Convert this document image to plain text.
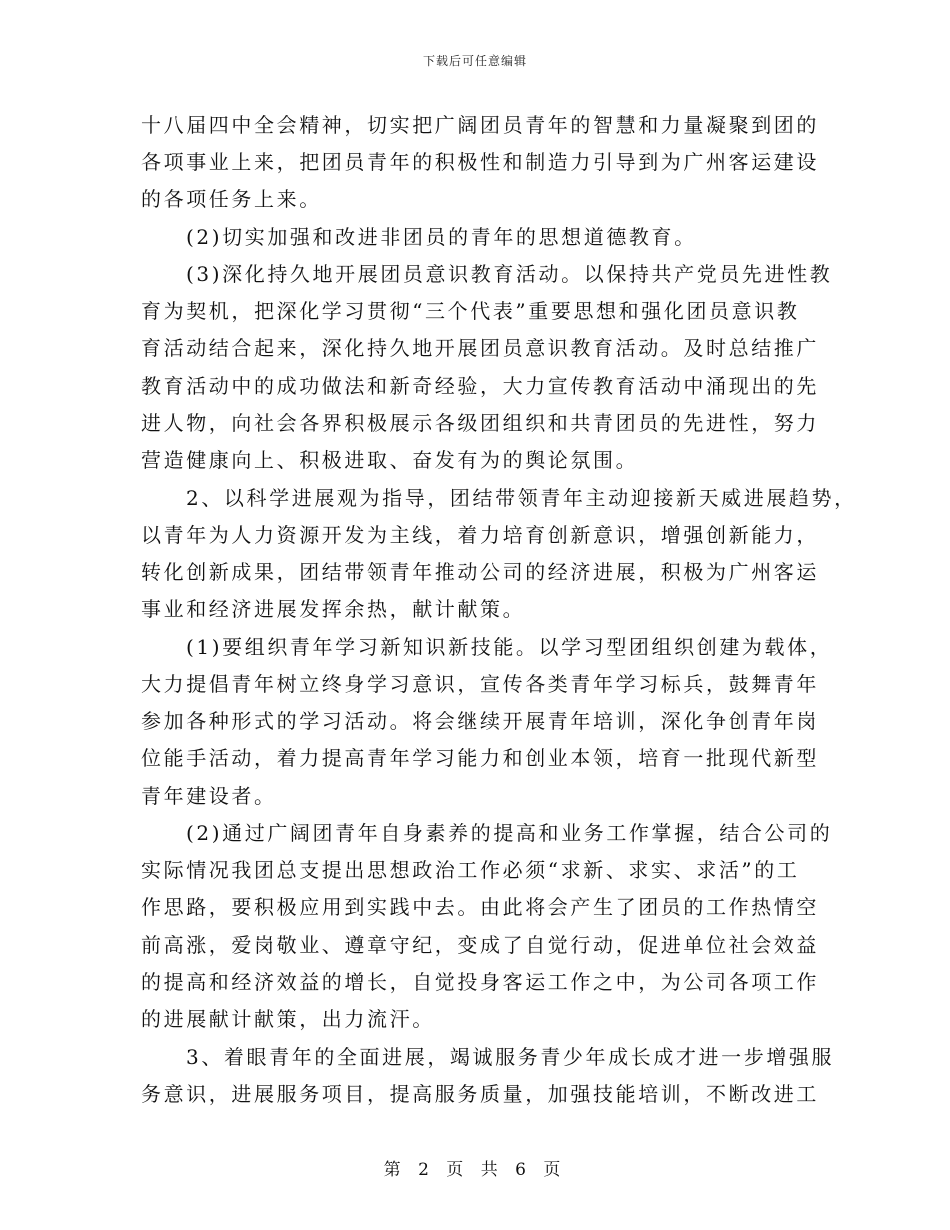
下载后可任意编辑
十八届四中全会精神，切实把广阔团员青年的智慧和力量凝聚到团的
各项事业上来，把团员青年的积极性和制造力引导到为广州客运建设
的各项任务上来。
(2)切实加强和改进非团员的青年的思想道德教育。
(3)深化持久地开展团员意识教育活动。以保持共产党员先进性教
育为契机，把深化学习贯彻“三个代表”重要思想和强化团员意识教
育活动结合起来，深化持久地开展团员意识教育活动。及时总结推广
教育活动中的成功做法和新奇经验，大力宣传教育活动中涌现出的先
进人物，向社会各界积极展示各级团组织和共青团员的先进性，努力
营造健康向上、积极进取、奋发有为的舆论氛围。
2、以科学进展观为指导，团结带领青年主动迎接新天威进展趋势，
以青年为人力资源开发为主线，着力培育创新意识，增强创新能力，
转化创新成果，团结带领青年推动公司的经济进展，积极为广州客运
事业和经济进展发挥余热，献计献策。
(1)要组织青年学习新知识新技能。以学习型团组织创建为载体，
大力提倡青年树立终身学习意识，宣传各类青年学习标兵，鼓舞青年
参加各种形式的学习活动。将会继续开展青年培训，深化争创青年岗
位能手活动，着力提高青年学习能力和创业本领，培育一批现代新型
青年建设者。
(2)通过广阔团青年自身素养的提高和业务工作掌握，结合公司的
实际情况我团总支提出思想政治工作必须“求新、求实、求活”的工
作思路，要积极应用到实践中去。由此将会产生了团员的工作热情空
前高涨，爱岗敬业、遵章守纪，变成了自觉行动，促进单位社会效益
的提高和经济效益的增长，自觉投身客运工作之中，为公司各项工作
的进展献计献策，出力流汗。
3、着眼青年的全面进展，竭诚服务青少年成长成才进一步增强服
务意识，进展服务项目，提高服务质量，加强技能培训，不断改进工
第 2 页 共 6 页
